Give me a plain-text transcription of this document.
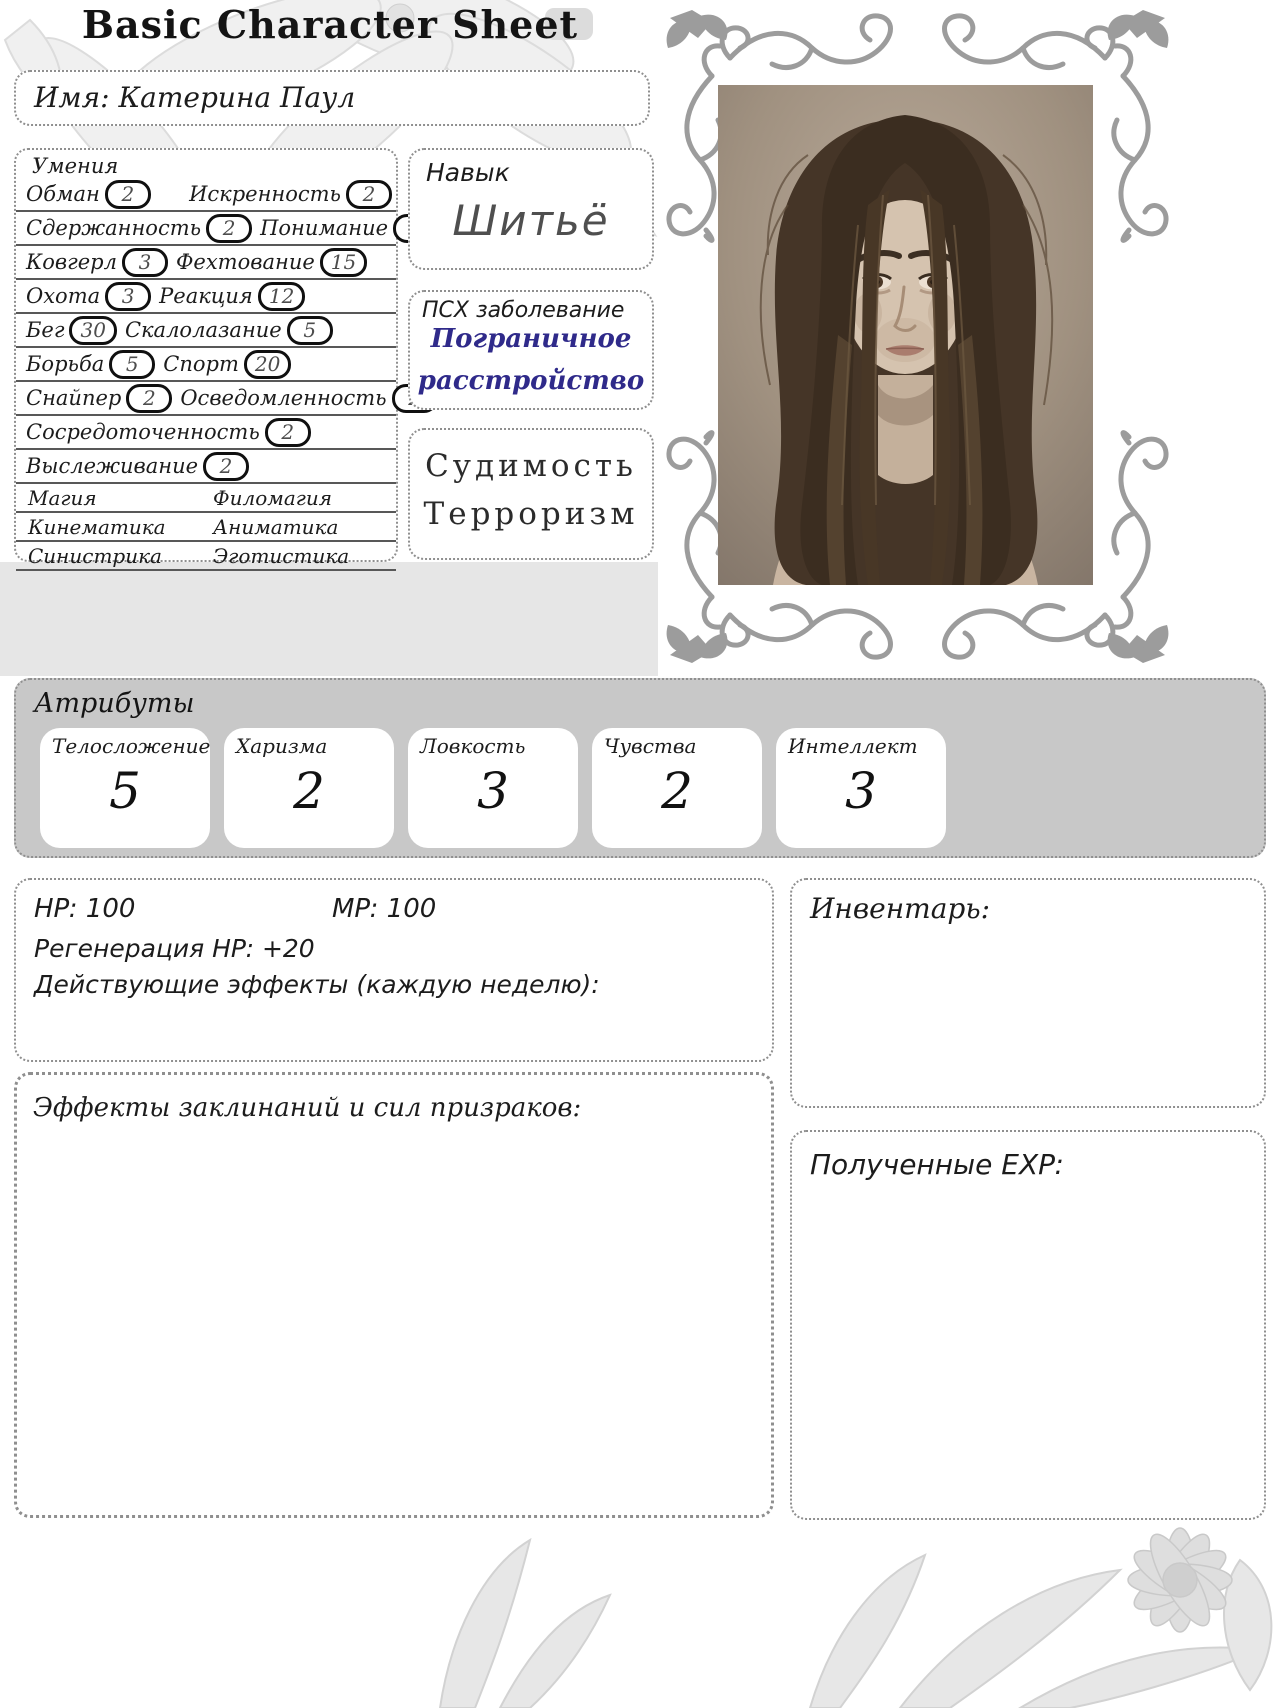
Basic Character Sheet
Имя: Катерина Паул
Умения
Обман	2	Искренность	2
Сдержанность	2	Понимание
Ковгерл	3	Фехтование 15
Охота	3	Реакция 12
Бег 30 Скалолазание	5
Борьба	5	Спорт 20
Снайпер	2	Осведомленность
Сосредоточенность	2
Выслеживание	2
Магия	Филомагия
Кинематика	Аниматика
Синистрика	Эготистика
Навык
Шитьё
ПСХ заболевание
Пограничное
расстройство
Судимость
Терроризм
Атрибуты
Телосложение
5
Харизма
2
Ловкость
3
Чувства
2
Интеллект
3
HP: 100	MP: 100
Регенерация HP: +20
Действующие эффекты (каждую неделю):
Эффекты заклинаний и сил призраков:
Инвентарь:
Полученные EXP:
